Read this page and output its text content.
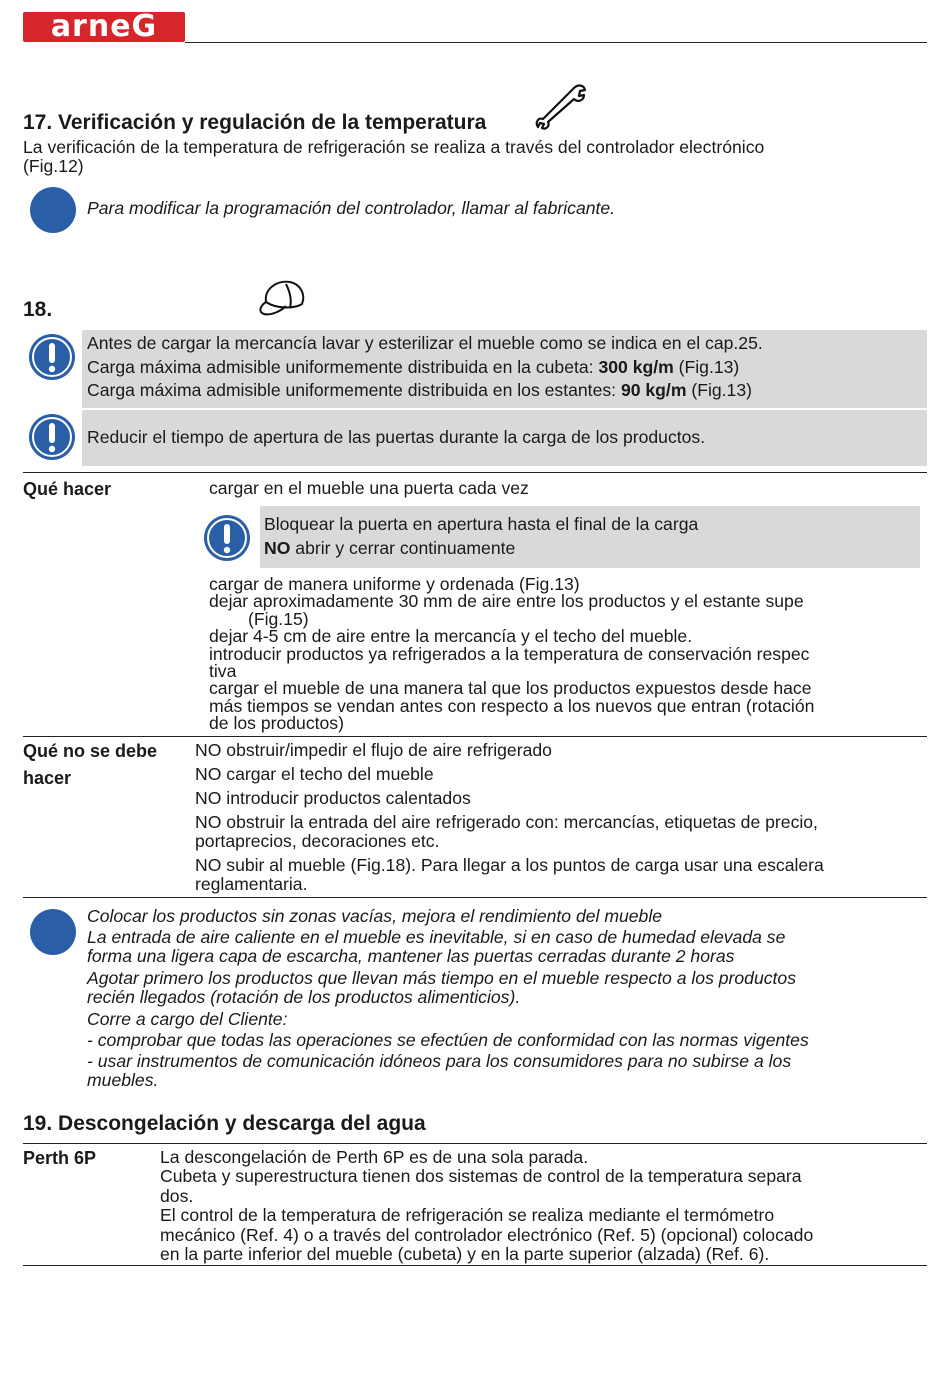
arneG
17. Verificación y regulación de la temperatura
La verificación de la temperatura de refrigeración se realiza a través del controlador electrónico
(Fig.12)
Para modificar la programación del controlador, llamar al fabricante.
18.
Antes de cargar la mercancía lavar y esterilizar el mueble como se indica en el cap.25.
Carga máxima admisible uniformemente distribuida en la cubeta: 300 kg/m (Fig.13)
Carga máxima admisible uniformemente distribuida en los estantes: 90 kg/m (Fig.13)
Reducir el tiempo de apertura de las puertas durante la carga de los productos.
Qué hacer	cargar en el mueble una puerta cada vez
Bloquear la puerta en apertura hasta el final de la carga
NO abrir y cerrar continuamente
cargar de manera uniforme y ordenada (Fig.13)
dejar aproximadamente 30 mm de aire entre los productos y el estante supe
(Fig.15)
dejar 4-5 cm de aire entre la mercancía y el techo del mueble.
introducir productos ya refrigerados a la temperatura de conservación respec
tiva
cargar el mueble de una manera tal que los productos expuestos desde hace
más tiempos se vendan antes con respecto a los nuevos que entran (rotación
de los productos)
Qué no se debe
hacer
NO obstruir/impedir el flujo de aire refrigerado
NO cargar el techo del mueble
NO introducir productos calentados
NO obstruir la entrada del aire refrigerado con: mercancías, etiquetas de precio,
portaprecios, decoraciones etc.
NO subir al mueble (Fig.18). Para llegar a los puntos de carga usar una escalera
reglamentaria.
Colocar los productos sin zonas vacías, mejora el rendimiento del mueble
La entrada de aire caliente en el mueble es inevitable, si en caso de humedad elevada se
forma una ligera capa de escarcha, mantener las puertas cerradas durante 2 horas
Agotar primero los productos que llevan más tiempo en el mueble respecto a los productos
recién llegados (rotación de los productos alimenticios).
Corre a cargo del Cliente:
- comprobar que todas las operaciones se efectúen de conformidad con las normas vigentes
- usar instrumentos de comunicación idóneos para los consumidores para no subirse a los
muebles.
19. Descongelación y descarga del agua
Perth 6P	La descongelación de Perth 6P es de una sola parada.
Cubeta y superestructura tienen dos sistemas de control de la temperatura separa
dos.
El control de la temperatura de refrigeración se realiza mediante el termómetro
mecánico (Ref. 4) o a través del controlador electrónico (Ref. 5) (opcional) colocado
en la parte inferior del mueble (cubeta) y en la parte superior (alzada) (Ref. 6).
